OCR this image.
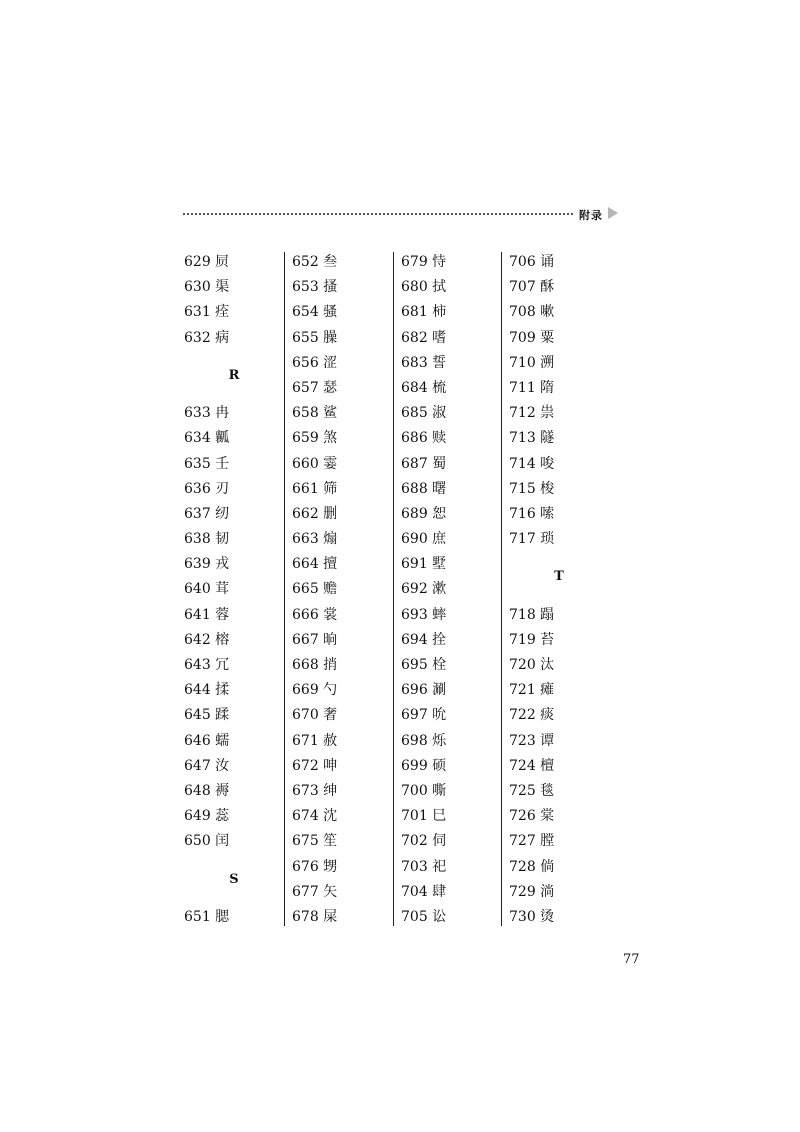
附录
629 屃
630 渠
631 痊
632 病
R
633 冉
634 瓤
635 壬
636 刃
637 纫
638 韧
639 戎
640 茸
641 蓉
642 榕
643 冗
644 揉
645 蹂
646 蠕
647 汝
648 褥
649 蕊
650 闰
S
651 腮
652 叁
653 搔
654 骚
655 臊
656 涩
657 瑟
658 鲨
659 煞
660 霎
661 筛
662 删
663 煽
664 擅
665 赡
666 裳
667 晌
668 捎
669 勺
670 奢
671 赦
672 呻
673 绅
674 沈
675 笙
676 甥
677 矢
678 屎
679 恃
680 拭
681 柿
682 嗜
683 誓
684 梳
685 淑
686 赎
687 蜀
688 曙
689 恕
690 庶
691 墅
692 漱
693 蟀
694 拴
695 栓
696 涮
697 吮
698 烁
699 硕
700 嘶
701 巳
702 伺
703 祀
704 肆
705 讼
706 诵
707 酥
708 嗽
709 粟
710 溯
711 隋
712 祟
713 隧
714 唆
715 梭
716 嗦
717 琐
T
718 蹋
719 苔
720 汰
721 瘫
722 痰
723 谭
724 檀
725 毯
726 棠
727 膛
728 倘
729 淌
730 烫
77
